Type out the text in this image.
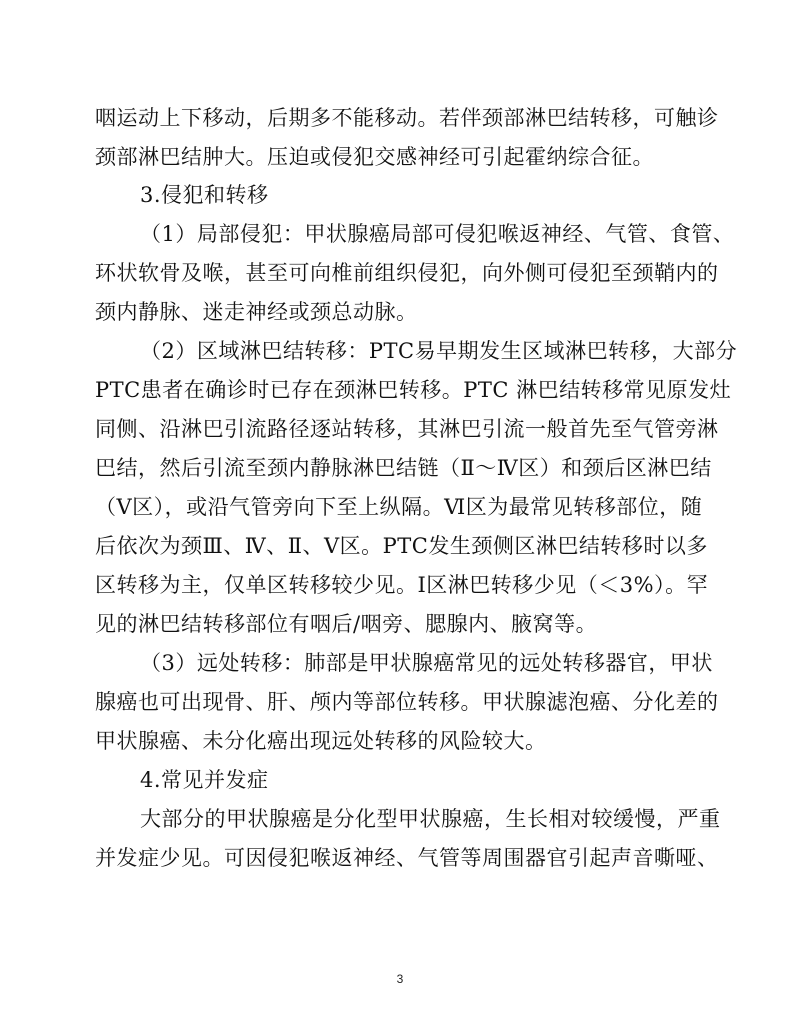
咽运动上下移动，后期多不能移动。若伴颈部淋巴结转移，可触诊
颈部淋巴结肿大。压迫或侵犯交感神经可引起霍纳综合征。
3.侵犯和转移
（1）局部侵犯：甲状腺癌局部可侵犯喉返神经、气管、食管、
环状软骨及喉，甚至可向椎前组织侵犯，向外侧可侵犯至颈鞘内的
颈内静脉、迷走神经或颈总动脉。
（2）区域淋巴结转移：PTC易早期发生区域淋巴转移，大部分
PTC患者在确诊时已存在颈淋巴转移。PTC 淋巴结转移常见原发灶
同侧、沿淋巴引流路径逐站转移，其淋巴引流一般首先至气管旁淋
巴结，然后引流至颈内静脉淋巴结链（Ⅱ～Ⅳ区）和颈后区淋巴结
（Ⅴ区），或沿气管旁向下至上纵隔。Ⅵ区为最常见转移部位，随
后依次为颈Ⅲ、Ⅳ、Ⅱ、Ⅴ区。PTC发生颈侧区淋巴结转移时以多
区转移为主，仅单区转移较少见。Ⅰ区淋巴转移少见（＜3%）。罕
见的淋巴结转移部位有咽后/咽旁、腮腺内、腋窝等。
（3）远处转移：肺部是甲状腺癌常见的远处转移器官，甲状
腺癌也可出现骨、肝、颅内等部位转移。甲状腺滤泡癌、分化差的
甲状腺癌、未分化癌出现远处转移的风险较大。
4.常见并发症
大部分的甲状腺癌是分化型甲状腺癌，生长相对较缓慢，严重
并发症少见。可因侵犯喉返神经、气管等周围器官引起声音嘶哑、
3
